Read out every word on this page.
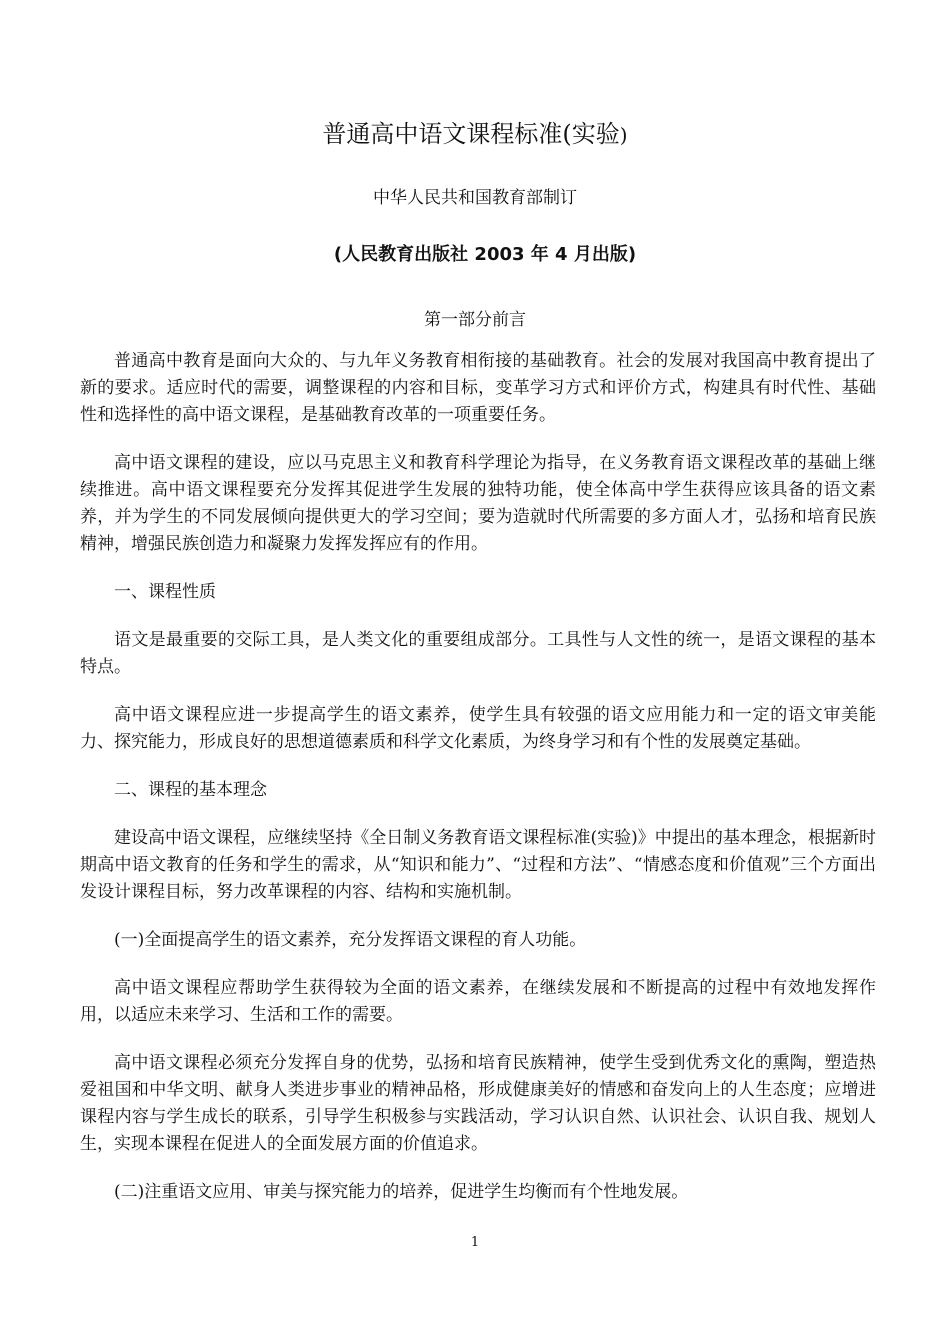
普通高中语文课程标准(实验)

中华人民共和国教育部制订

(人民教育出版社 2003 年 4 月出版)

第一部分前言

普通高中教育是面向大众的、与九年义务教育相衔接的基础教育。社会的发展对我国高中教育提出了新的要求。适应时代的需要，调整课程的内容和目标，变革学习方式和评价方式，构建具有时代性、基础性和选择性的高中语文课程，是基础教育改革的一项重要任务。

高中语文课程的建设，应以马克思主义和教育科学理论为指导，在义务教育语文课程改革的基础上继续推进。高中语文课程要充分发挥其促进学生发展的独特功能，使全体高中学生获得应该具备的语文素养，并为学生的不同发展倾向提供更大的学习空间；要为造就时代所需要的多方面人才，弘扬和培育民族精神，增强民族创造力和凝聚力发挥发挥应有的作用。

一、课程性质

语文是最重要的交际工具，是人类文化的重要组成部分。工具性与人文性的统一，是语文课程的基本特点。

高中语文课程应进一步提高学生的语文素养，使学生具有较强的语文应用能力和一定的语文审美能力、探究能力，形成良好的思想道德素质和科学文化素质，为终身学习和有个性的发展奠定基础。

二、课程的基本理念

建设高中语文课程，应继续坚持《全日制义务教育语文课程标准(实验)》中提出的基本理念，根据新时期高中语文教育的任务和学生的需求，从“知识和能力”、“过程和方法”、“情感态度和价值观”三个方面出发设计课程目标，努力改革课程的内容、结构和实施机制。

(一)全面提高学生的语文素养，充分发挥语文课程的育人功能。

高中语文课程应帮助学生获得较为全面的语文素养，在继续发展和不断提高的过程中有效地发挥作用，以适应未来学习、生活和工作的需要。

高中语文课程必须充分发挥自身的优势，弘扬和培育民族精神，使学生受到优秀文化的熏陶，塑造热爱祖国和中华文明、献身人类进步事业的精神品格，形成健康美好的情感和奋发向上的人生态度；应增进课程内容与学生成长的联系，引导学生积极参与实践活动，学习认识自然、认识社会、认识自我、规划人生，实现本课程在促进人的全面发展方面的价值追求。

(二)注重语文应用、审美与探究能力的培养，促进学生均衡而有个性地发展。

1
